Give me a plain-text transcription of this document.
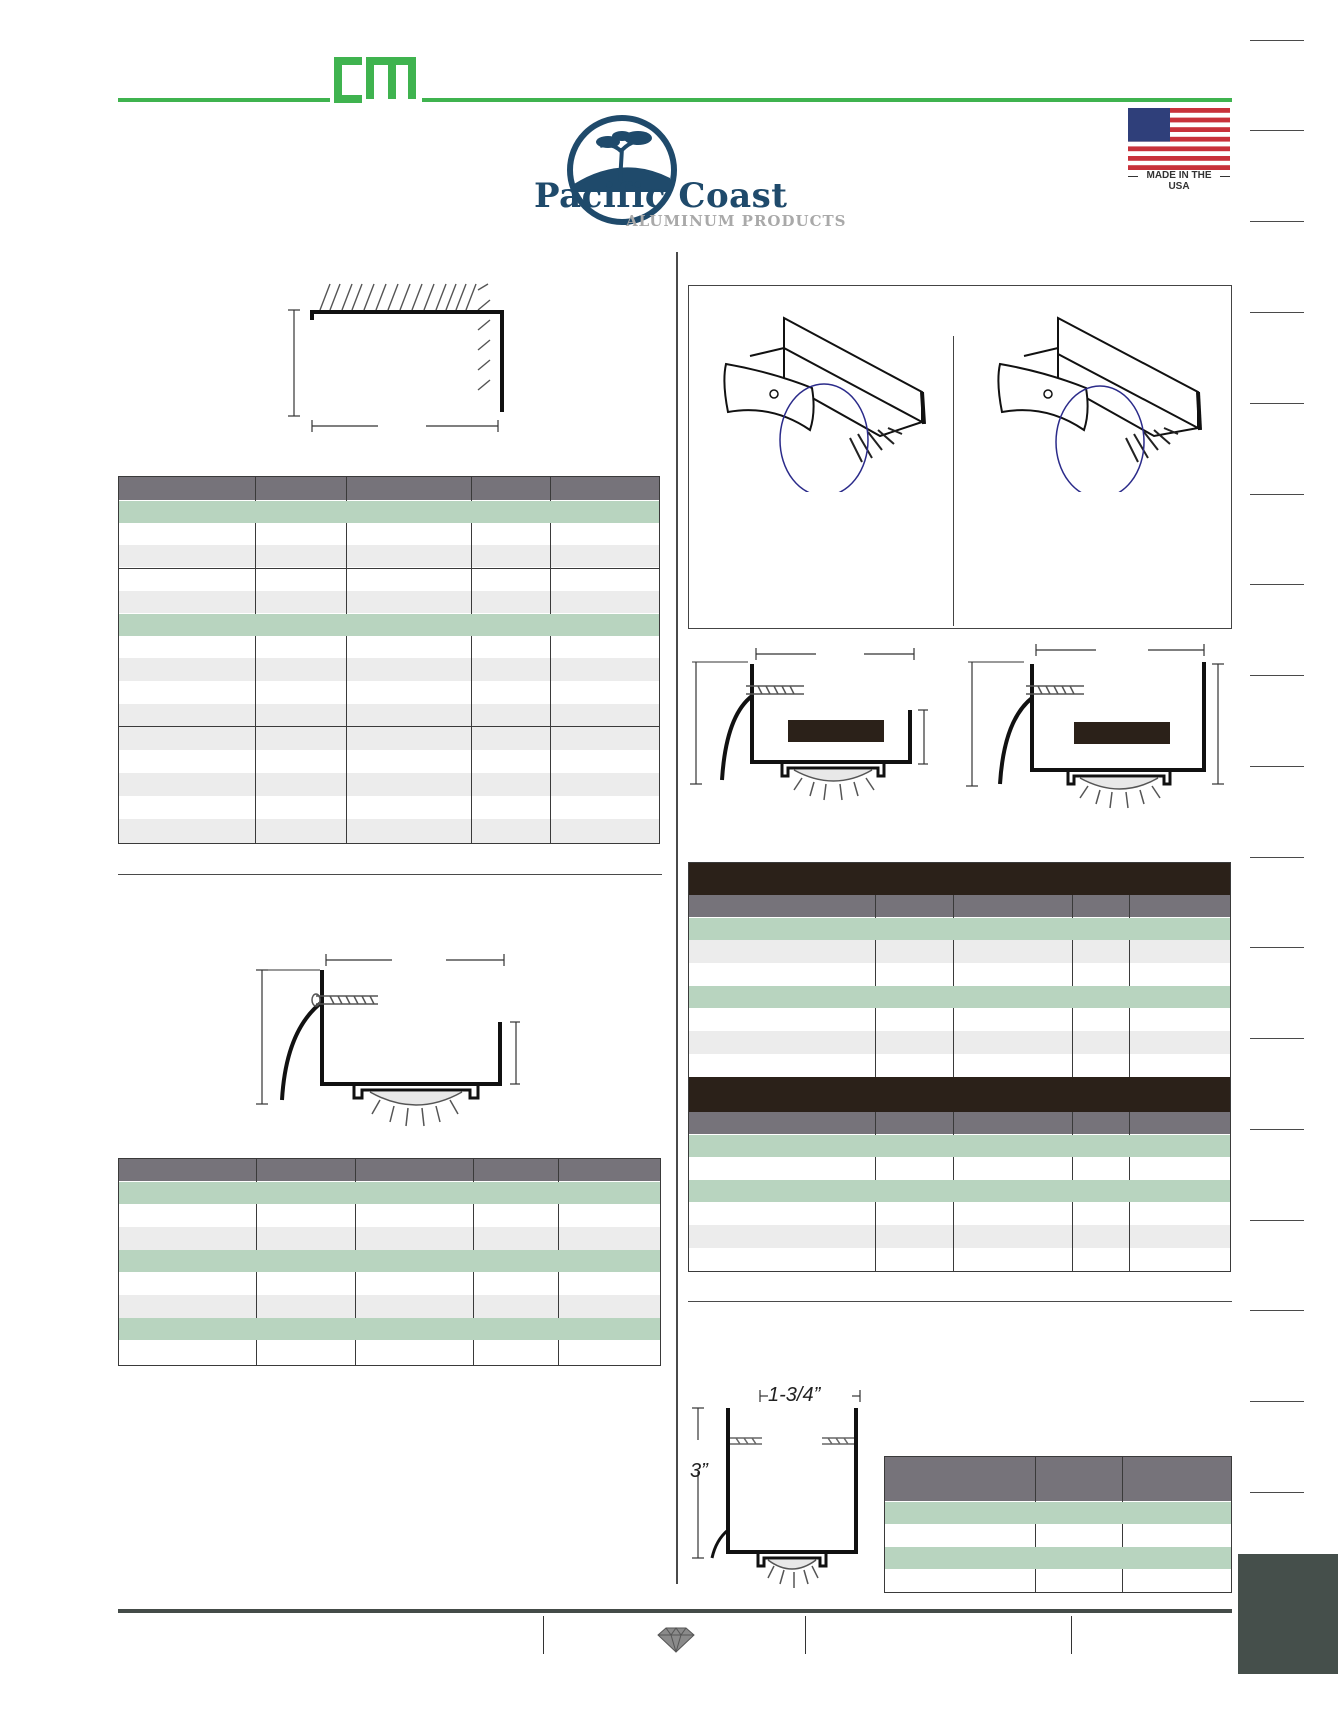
Pacific Coast
ALUMINUM PRODUCTS
MADE IN THE USA
1-3/4”
3”
